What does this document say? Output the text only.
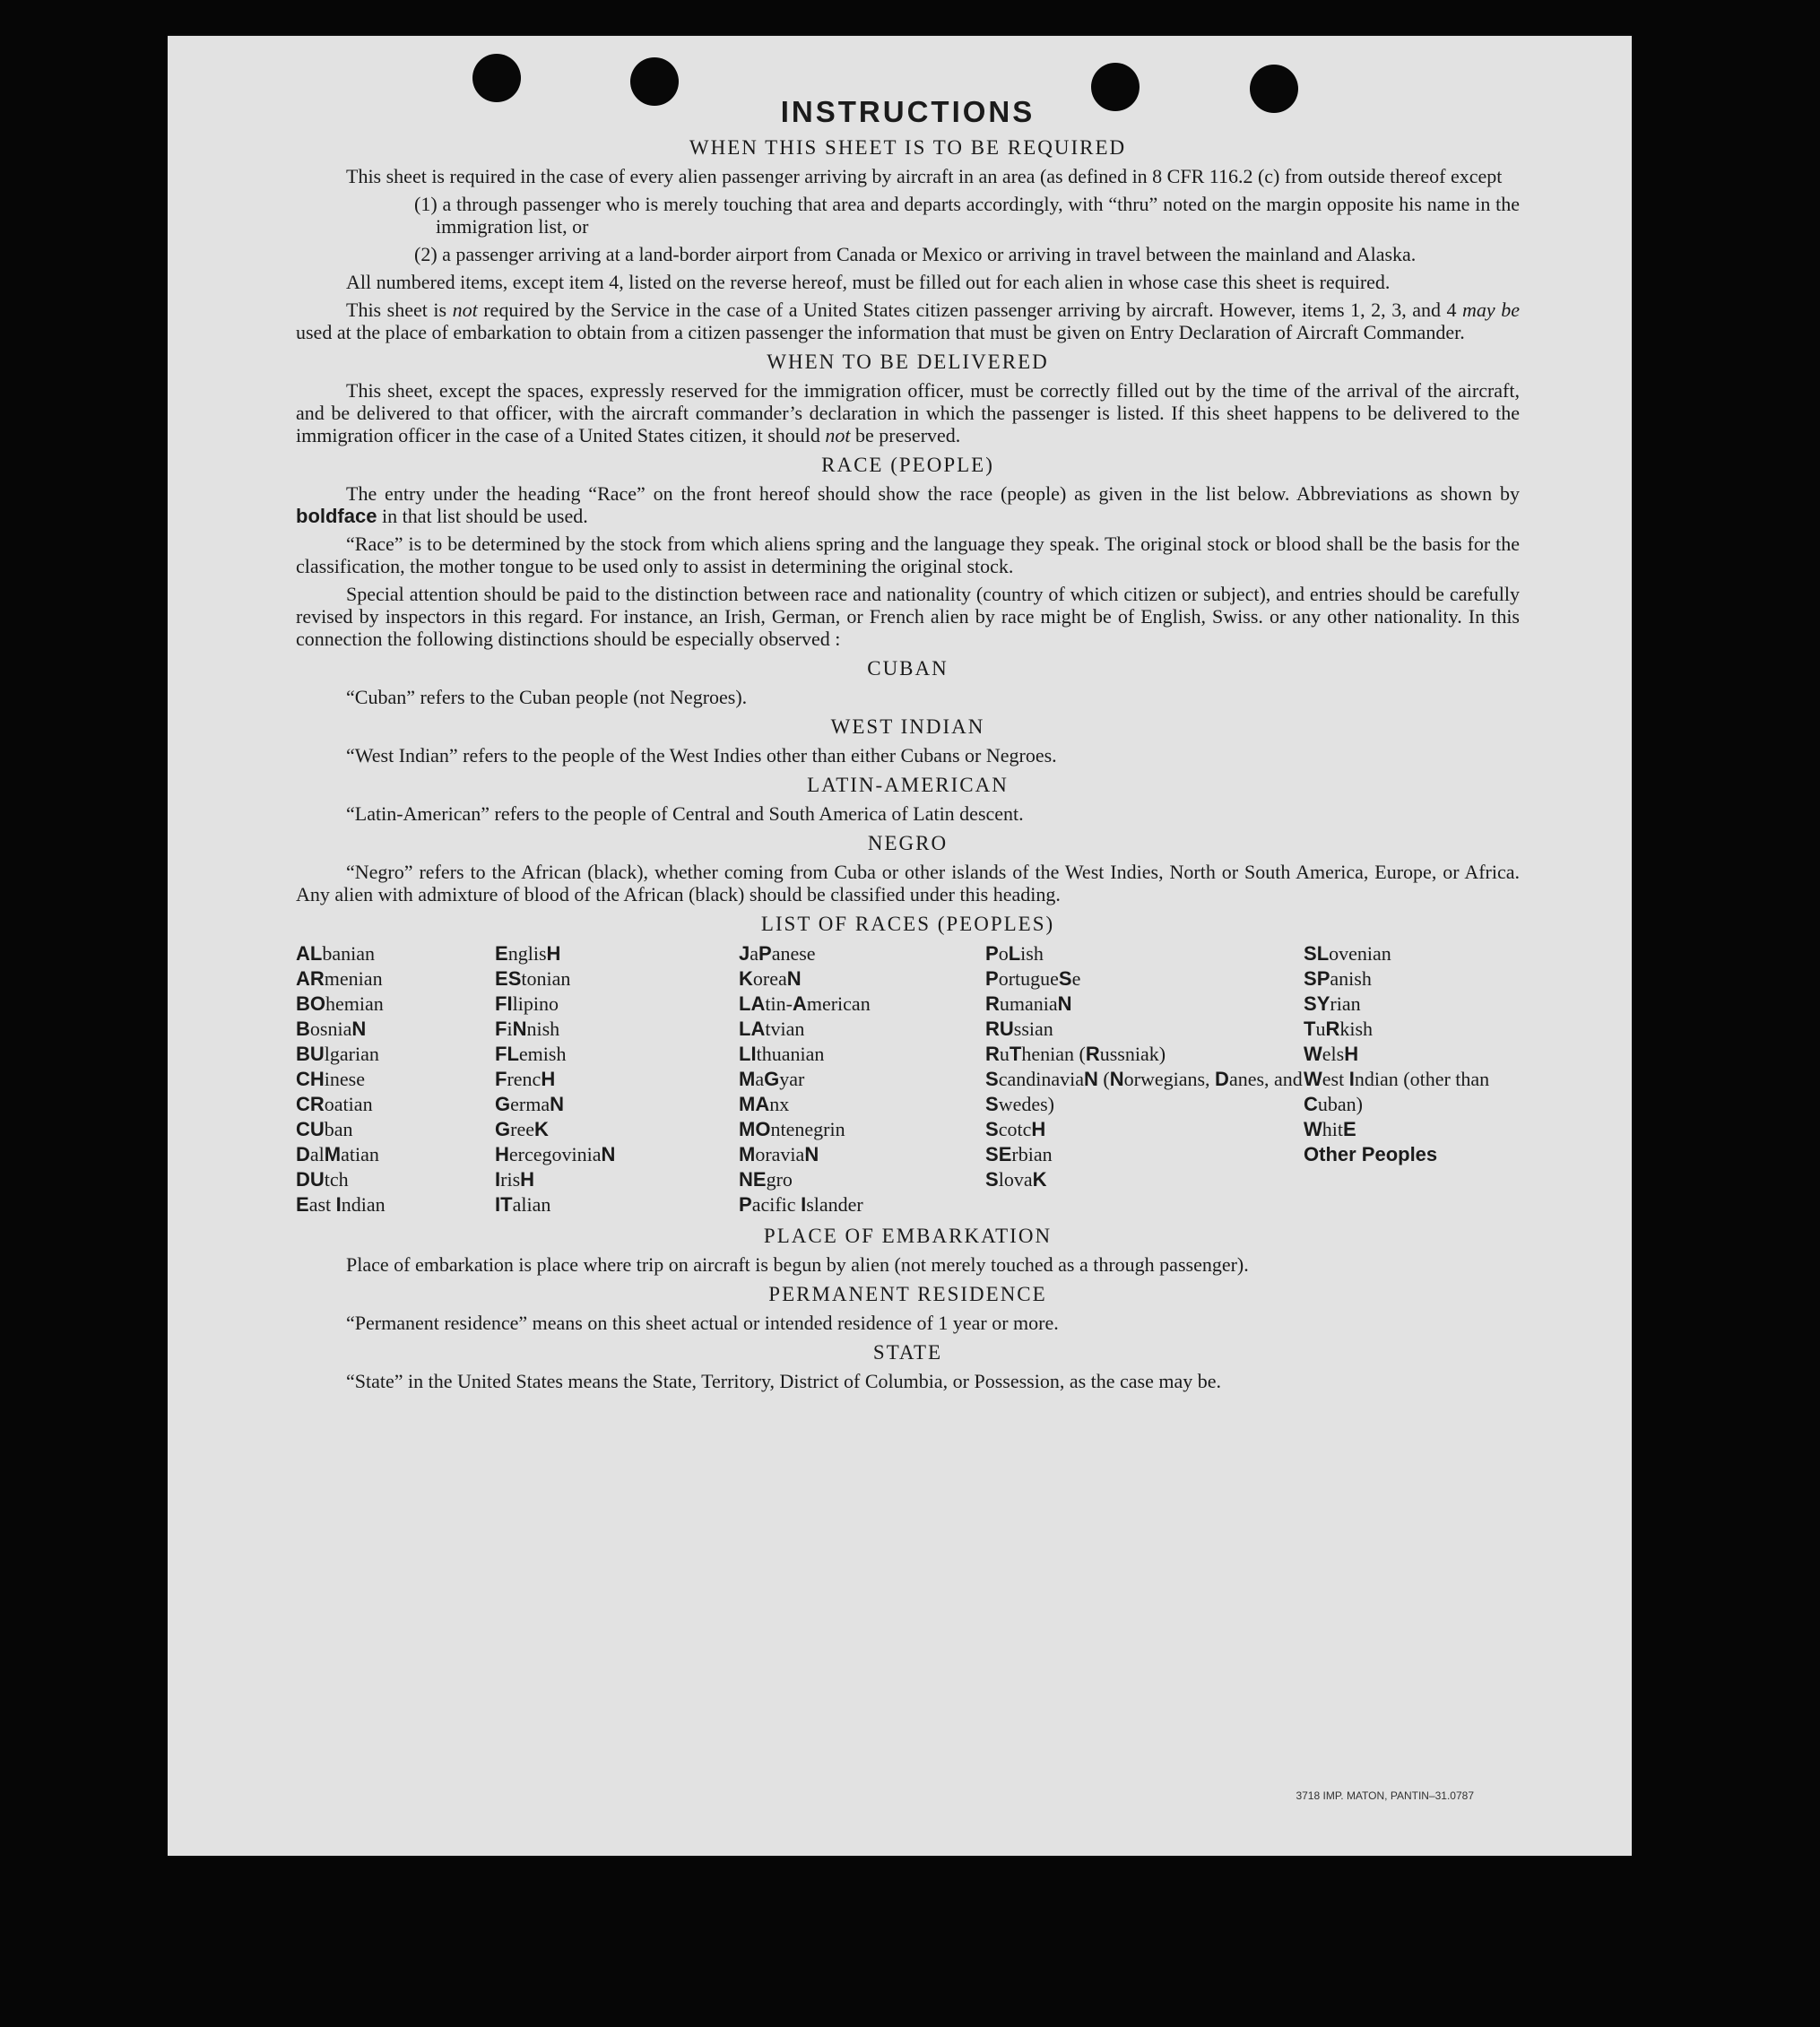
INSTRUCTIONS
WHEN THIS SHEET IS TO BE REQUIRED

This sheet is required in the case of every alien passenger arriving by aircraft in an area (as defined in 8 CFR 116.2 (c) from outside thereof except

(1) a through passenger who is merely touching that area and departs accordingly, with “thru” noted on the margin opposite his name in the immigration list, or
(2) a passenger arriving at a land-border airport from Canada or Mexico or arriving in travel between the mainland and Alaska.

All numbered items, except item 4, listed on the reverse hereof, must be filled out for each alien in whose case this sheet is required.

This sheet is not required by the Service in the case of a United States citizen passenger arriving by aircraft. However, items 1, 2, 3, and 4 may be used at the place of embarkation to obtain from a citizen passenger the information that must be given on Entry Declaration of Aircraft Commander.

WHEN TO BE DELIVERED

This sheet, except the spaces, expressly reserved for the immigration officer, must be correctly filled out by the time of the arrival of the aircraft, and be delivered to that officer, with the aircraft commander’s declaration in which the passenger is listed. If this sheet happens to be delivered to the immigration officer in the case of a United States citizen, it should not be preserved.

RACE (PEOPLE)

The entry under the heading “Race” on the front hereof should show the race (people) as given in the list below. Abbreviations as shown by boldface in that list should be used.

“Race” is to be determined by the stock from which aliens spring and the language they speak. The original stock or blood shall be the basis for the classification, the mother tongue to be used only to assist in determining the original stock.

Special attention should be paid to the distinction between race and nationality (country of which citizen or subject), and entries should be carefully revised by inspectors in this regard. For instance, an Irish, German, or French alien by race might be of English, Swiss. or any other nationality. In this connection the following distinctions should be especially observed :

CUBAN

“Cuban” refers to the Cuban people (not Negroes).

WEST INDIAN

“West Indian” refers to the people of the West Indies other than either Cubans or Negroes.

LATIN-AMERICAN

“Latin-American” refers to the people of Central and South America of Latin descent.

NEGRO

“Negro” refers to the African (black), whether coming from Cuba or other islands of the West Indies, North or South America, Europe, or Africa. Any alien with admixture of blood of the African (black) should be classified under this heading.

LIST OF RACES (PEOPLES)
ALbanian
ARmenian
BOhemian
BosniaN
BUlgarian
CHinese
CRoatian
CUban
DalMatian
DUtch
East Indian
EnglisH
EStonian
FIlipino
FiNnish
FLemish
FrencH
GermaN
GreeK
HercegoviniaN
IrisH
ITalian
JaPanese
KoreaN
LAtin-American
LAtvian
LIthuanian
MaGyar
MAnx
MOntenegrin
MoraviaN
NEgro
Pacific Islander
PoLish
PortugueSe
RumaniaN
RUssian
RuThenian (Russniak)
ScandinaviaN (Norwegians, Danes, and Swedes)
ScotcH
SErbian
SlovaK
SLovenian
SPanish
SYrian
TuRkish
WelsH
West Indian (other than Cuban)
WhitE
Other Peoples
PLACE OF EMBARKATION

Place of embarkation is place where trip on aircraft is begun by alien (not merely touched as a through passenger).

PERMANENT RESIDENCE

“Permanent residence” means on this sheet actual or intended residence of 1 year or more.

STATE

“State” in the United States means the State, Territory, District of Columbia, or Possession, as the case may be.

3718 IMP. MATON, PANTIN–31.0787
